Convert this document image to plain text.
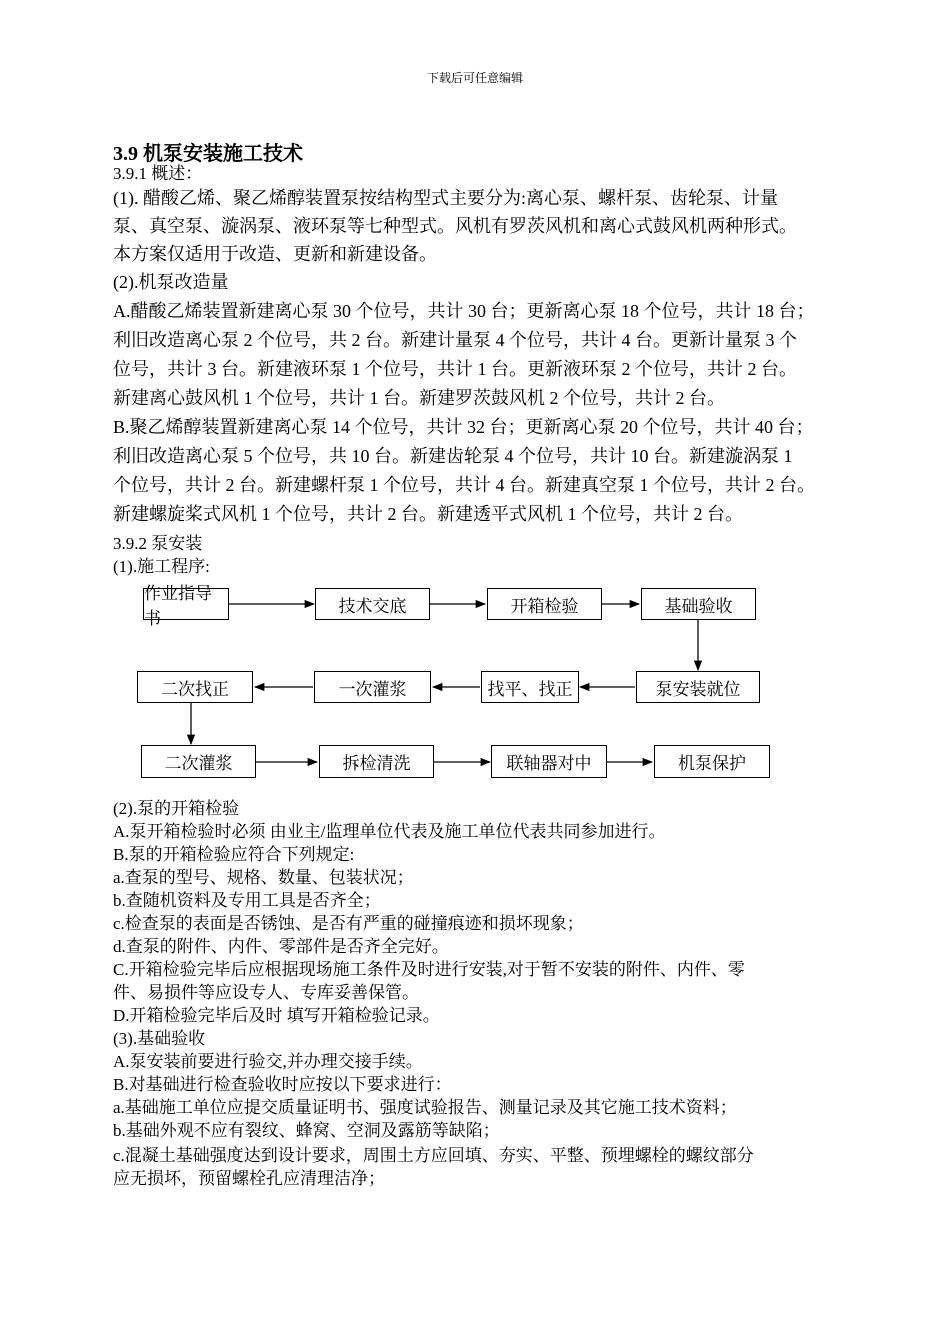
下载后可任意编辑
3.9 机泵安装施工技术
3.9.1 概述：
(1). 醋酸乙烯、聚乙烯醇装置泵按结构型式主要分为:离心泵、螺杆泵、齿轮泵、计量
泵、真空泵、漩涡泵、液环泵等七种型式。风机有罗茨风机和离心式鼓风机两种形式。
本方案仅适用于改造、更新和新建设备。
(2).机泵改造量
A.醋酸乙烯装置新建离心泵 30 个位号，共计 30 台；更新离心泵 18 个位号，共计 18 台；
利旧改造离心泵 2 个位号，共 2 台。新建计量泵 4 个位号，共计 4 台。更新计量泵 3 个
位号，共计 3 台。新建液环泵 1 个位号，共计 1 台。更新液环泵 2 个位号，共计 2 台。
新建离心鼓风机 1 个位号，共计 1 台。新建罗茨鼓风机 2 个位号，共计 2 台。
B.聚乙烯醇装置新建离心泵 14 个位号，共计 32 台；更新离心泵 20 个位号，共计 40 台；
利旧改造离心泵 5 个位号，共 10 台。新建齿轮泵 4 个位号，共计 10 台。新建漩涡泵 1
个位号，共计 2 台。新建螺杆泵 1 个位号，共计 4 台。新建真空泵 1 个位号，共计 2 台。
新建螺旋桨式风机 1 个位号，共计 2 台。新建透平式风机 1 个位号，共计 2 台。
3.9.2 泵安装
(1).施工程序:
作业指导书
技术交底	开箱检验	基础验收
二次找正	一次灌浆	找平、找正	泵安装就位
二次灌浆	拆检清洗	联轴器对中	机泵保护
(2).泵的开箱检验
A.泵开箱检验时必须 由业主/监理单位代表及施工单位代表共同参加进行。
B.泵的开箱检验应符合下列规定:
a.查泵的型号、规格、数量、包装状况；
b.查随机资料及专用工具是否齐全；
c.检查泵的表面是否锈蚀、是否有严重的碰撞痕迹和损坏现象；
d.查泵的附件、内件、零部件是否齐全完好。
C.开箱检验完毕后应根据现场施工条件及时进行安装,对于暂不安装的附件、内件、零
件、易损件等应设专人、专库妥善保管。
D.开箱检验完毕后及时 填写开箱检验记录。
(3).基础验收
A.泵安装前要进行验交,并办理交接手续。
B.对基础进行检查验收时应按以下要求进行：
a.基础施工单位应提交质量证明书、强度试验报告、测量记录及其它施工技术资料；
b.基础外观不应有裂纹、蜂窝、空洞及露筋等缺陷；
c.混凝土基础强度达到设计要求，周围土方应回填、夯实、平整、预埋螺栓的螺纹部分
应无损坏，预留螺栓孔应清理洁净；
